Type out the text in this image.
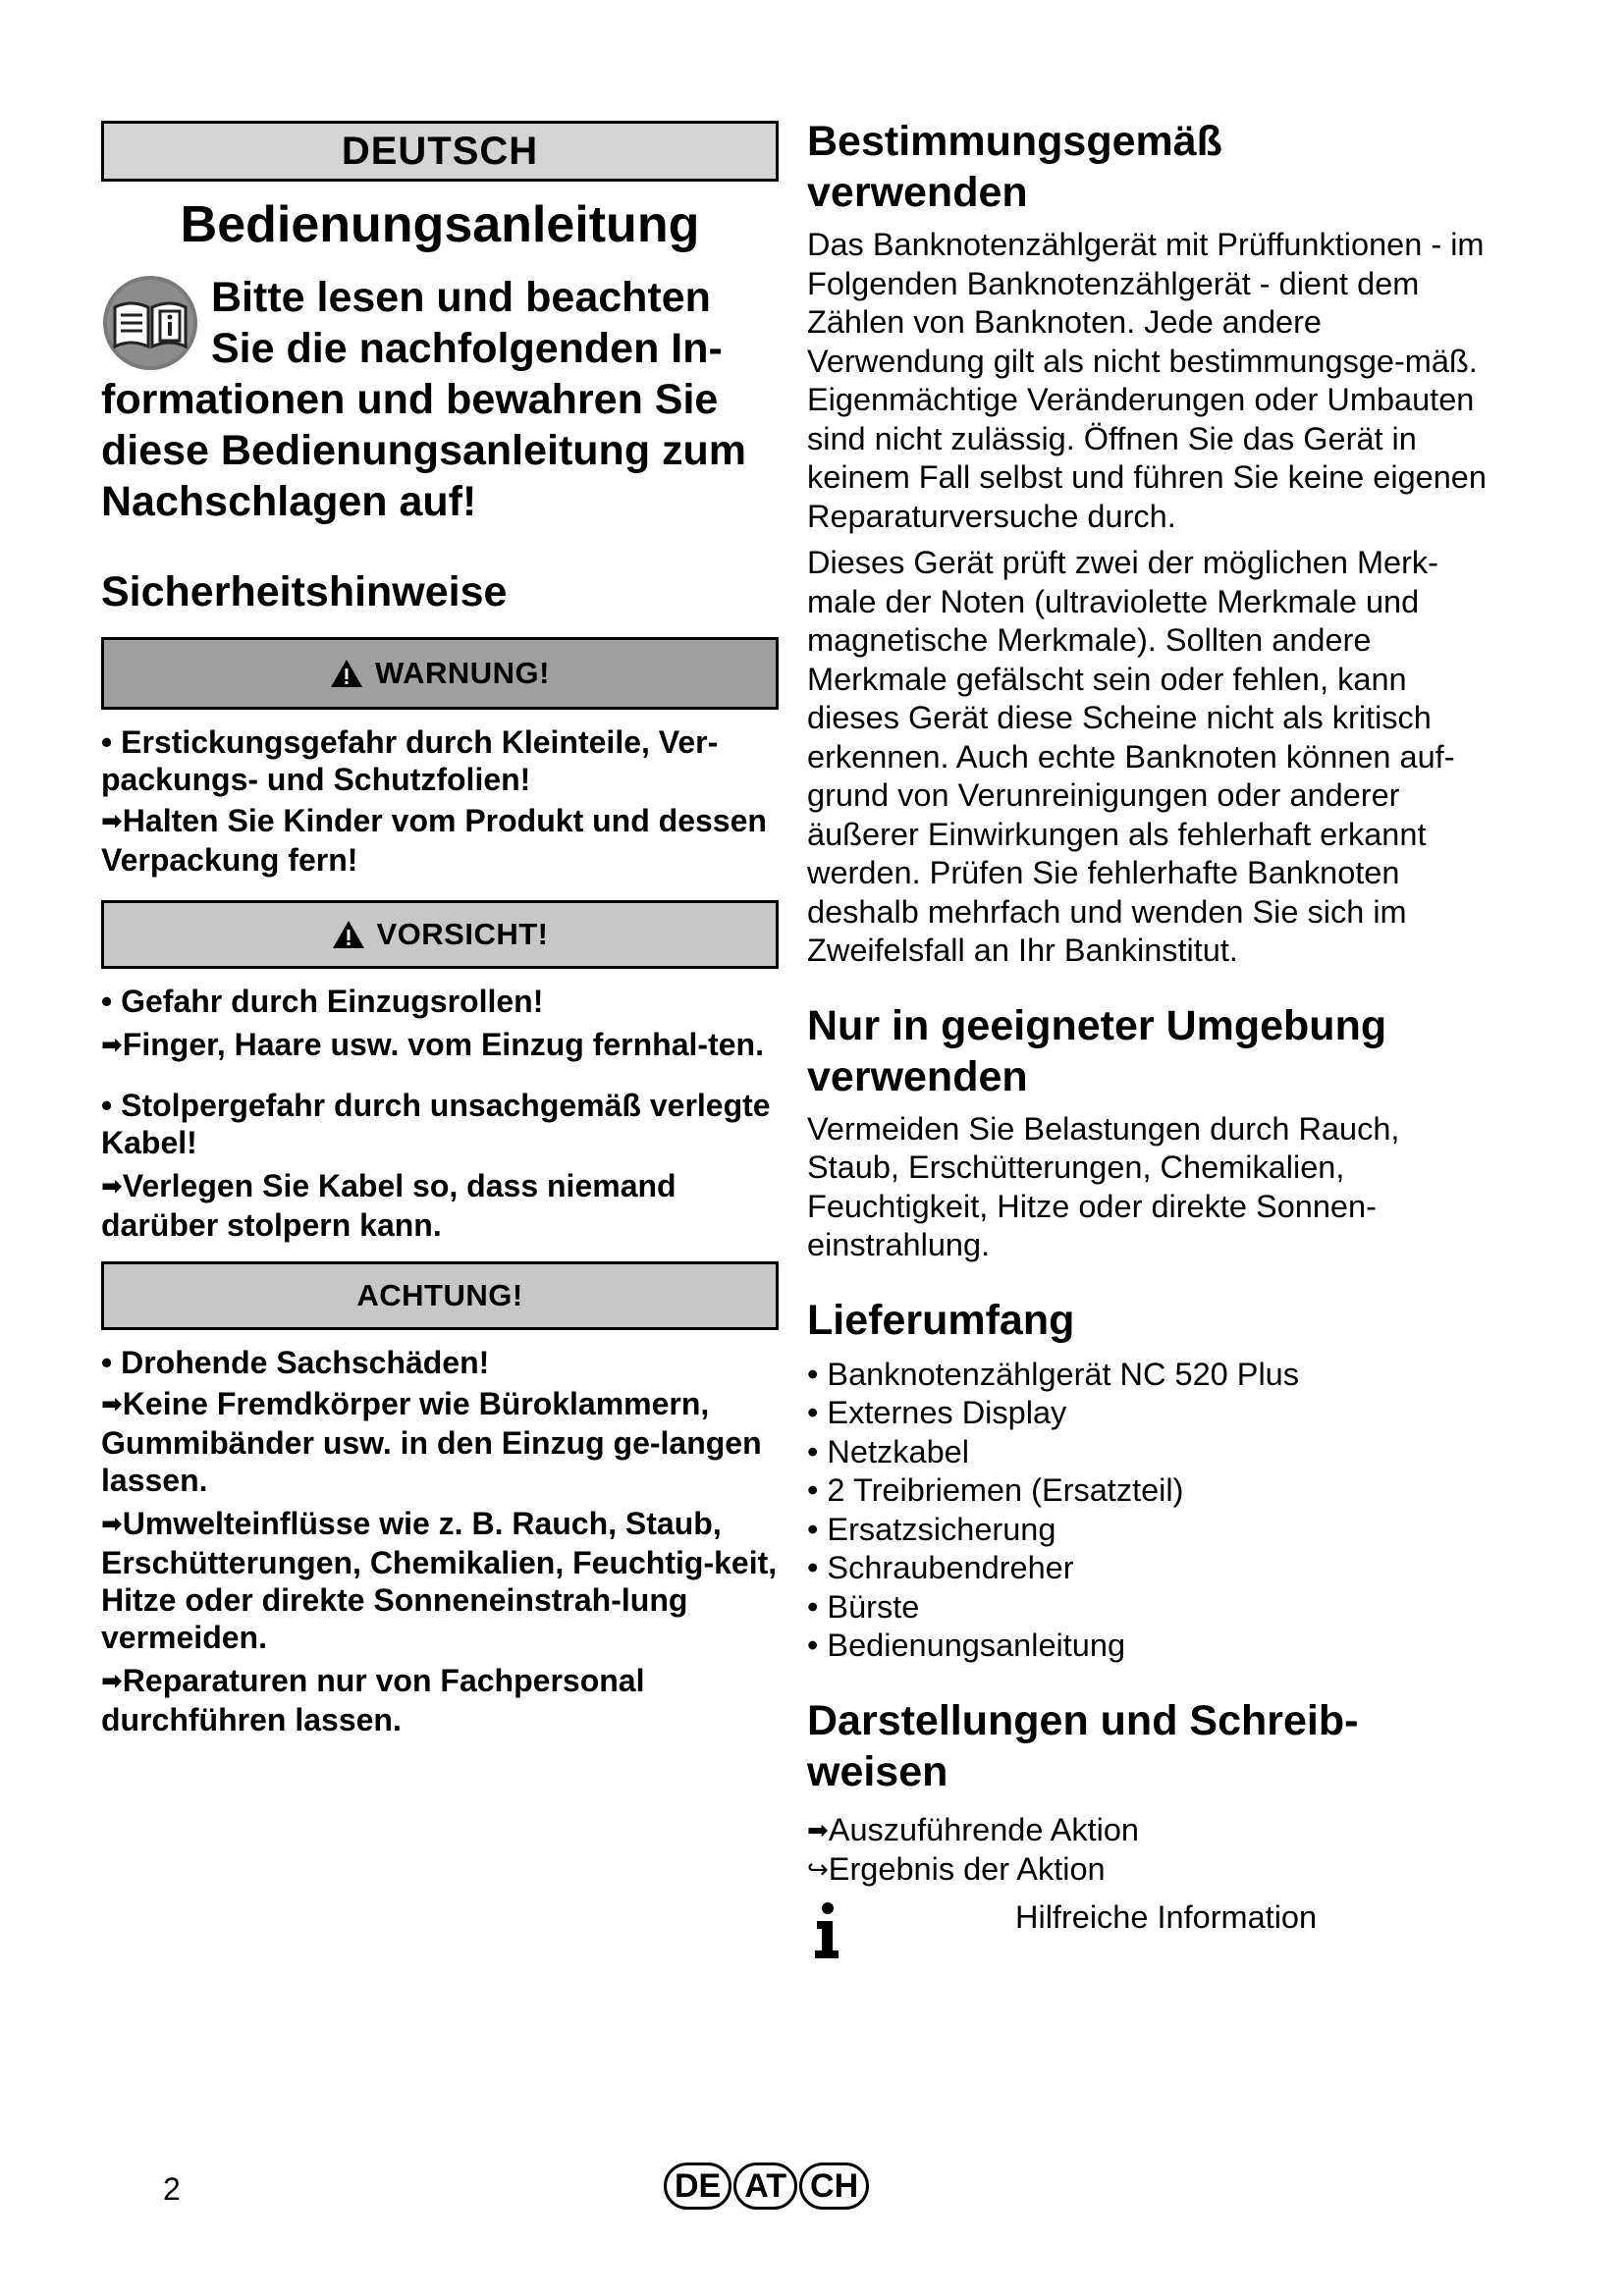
DEUTSCH
Bedienungsanleitung
Bitte lesen und beachten
Sie die nachfolgenden In-
formationen und bewahren Sie
diese Bedienungsanleitung zum
Nachschlagen auf!
Sicherheitshinweise
WARNUNG!

• Erstickungsgefahr durch Kleinteile, Ver-packungs- und Schutzfolien!

➡Halten Sie Kinder vom Produkt und dessen Verpackung fern!

VORSICHT!

• Gefahr durch Einzugsrollen!

➡Finger, Haare usw. vom Einzug fernhal-ten.

• Stolpergefahr durch unsachgemäß verlegte Kabel!

➡Verlegen Sie Kabel so, dass niemand darüber stolpern kann.

ACHTUNG!

• Drohende Sachschäden!

➡Keine Fremdkörper wie Büroklammern, Gummibänder usw. in den Einzug ge-langen lassen.

➡Umwelteinflüsse wie z. B. Rauch, Staub, Erschütterungen, Chemikalien, Feuchtig-keit, Hitze oder direkte Sonneneinstrah-lung vermeiden.

➡Reparaturen nur von Fachpersonal durchführen lassen.

Bestimmungsgemäß
verwenden

Das Banknotenzählgerät mit Prüffunktionen - im Folgenden Banknotenzählgerät - dient dem Zählen von Banknoten. Jede andere Verwendung gilt als nicht bestimmungsge-mäß. Eigenmächtige Veränderungen oder Umbauten sind nicht zulässig. Öffnen Sie das Gerät in keinem Fall selbst und führen Sie keine eigenen Reparaturversuche durch.

Dieses Gerät prüft zwei der möglichen Merk-male der Noten (ultraviolette Merkmale und magnetische Merkmale). Sollten andere Merkmale gefälscht sein oder fehlen, kann dieses Gerät diese Scheine nicht als kritisch erkennen. Auch echte Banknoten können auf-grund von Verunreinigungen oder anderer äußerer Einwirkungen als fehlerhaft erkannt werden. Prüfen Sie fehlerhafte Banknoten deshalb mehrfach und wenden Sie sich im Zweifelsfall an Ihr Bankinstitut.

Nur in geeigneter Umgebung
verwenden

Vermeiden Sie Belastungen durch Rauch, Staub, Erschütterungen, Chemikalien, Feuchtigkeit, Hitze oder direkte Sonnen-einstrahlung.

Lieferumfang
• Banknotenzählgerät NC 520 Plus
• Externes Display
• Netzkabel
• 2 Treibriemen (Ersatzteil)
• Ersatzsicherung
• Schraubendreher
• Bürste
• Bedienungsanleitung
Darstellungen und Schreib-
weisen
➡Auszuführende Aktion
↪Ergebnis der Aktion
Hilfreiche Information
2	DE AT CH
